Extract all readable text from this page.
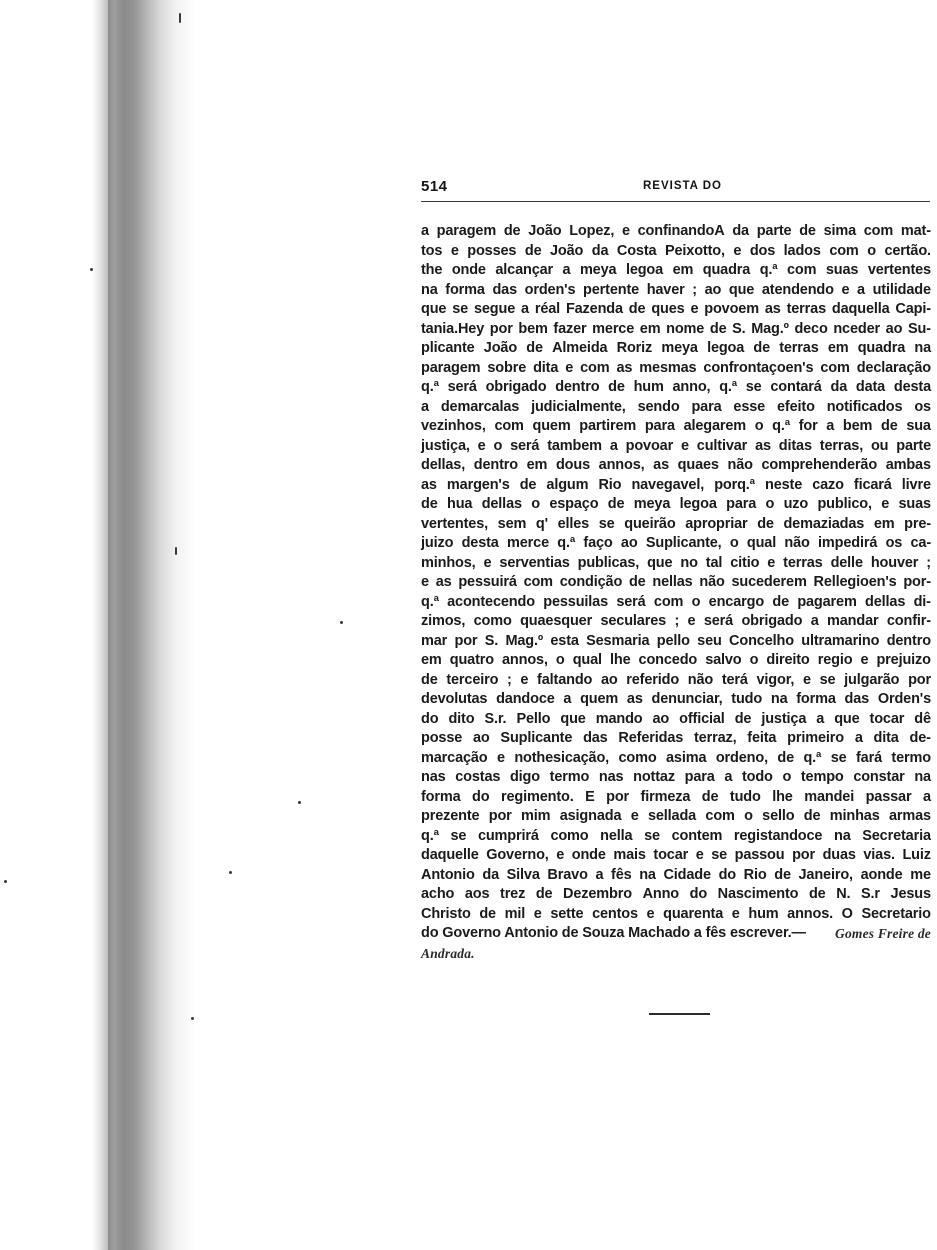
514	REVISTA DO
a paragem de João Lopez, e confinandoA da parte de sima com mat-
tos e posses de João da Costa Peixotto, e dos lados com o certão.
the onde alcançar a meya legoa em quadra q.ª com suas vertentes
na forma das orden's pertente haver ; ao que atendendo e a utilidade
que se segue a réal Fazenda de ques e povoem as terras daquella Capi-
tania.Hey por bem fazer merce em nome de S. Mag.º deco nceder ao Su-
plicante João de Almeida Roriz meya legoa de terras em quadra na
paragem sobre dita e com as mesmas confrontaçoen's com declaração
q.ª será obrigado dentro de hum anno, q.ª se contará da data desta
a demarcalas judicialmente, sendo para esse efeito notificados os
vezinhos, com quem partirem para alegarem o q.ª for a bem de sua
justiça, e o será tambem a povoar e cultivar as ditas terras, ou parte
dellas, dentro em dous annos, as quaes não comprehenderão ambas
as margen's de algum Rio navegavel, porq.ª neste cazo ficará livre
de hua dellas o espaço de meya legoa para o uzo publico, e suas
vertentes, sem q' elles se queirão apropriar de demaziadas em pre-
juizo desta merce q.ª faço ao Suplicante, o qual não impedirá os ca-
minhos, e serventias publicas, que no tal citio e terras delle houver ;
e as pessuirá com condição de nellas não sucederem Rellegioen's por-
q.ª acontecendo pessuilas será com o encargo de pagarem dellas di-
zimos, como quaesquer seculares ; e será obrigado a mandar confir-
mar por S. Mag.º esta Sesmaria pello seu Concelho ultramarino dentro
em quatro annos, o qual lhe concedo salvo o direito regio e prejuizo
de terceiro ; e faltando ao referido não terá vigor, e se julgarão por
devolutas dandoce a quem as denunciar, tudo na forma das Orden's
do dito S.r. Pello que mando ao official de justiça a que tocar dê
posse ao Suplicante das Referidas terraz, feita primeiro a dita de-
marcação e nothesicação, como asima ordeno, de q.ª se fará termo
nas costas digo termo nas nottaz para a todo o tempo constar na
forma do regimento. E por firmeza de tudo lhe mandei passar a
prezente por mim asignada e sellada com o sello de minhas armas
q.ª se cumprirá como nella se contem registandoce na Secretaria
daquelle Governo, e onde mais tocar e se passou por duas vias. Luiz
Antonio da Silva Bravo a fês na Cidade do Rio de Janeiro, aonde me
acho aos trez de Dezembro Anno do Nascimento de N. S.r Jesus
Christo de mil e sette centos e quarenta e hum annos. O Secretario
do Governo Antonio de Souza Machado a fês escrever.— Gomes Freire de
Andrada.
